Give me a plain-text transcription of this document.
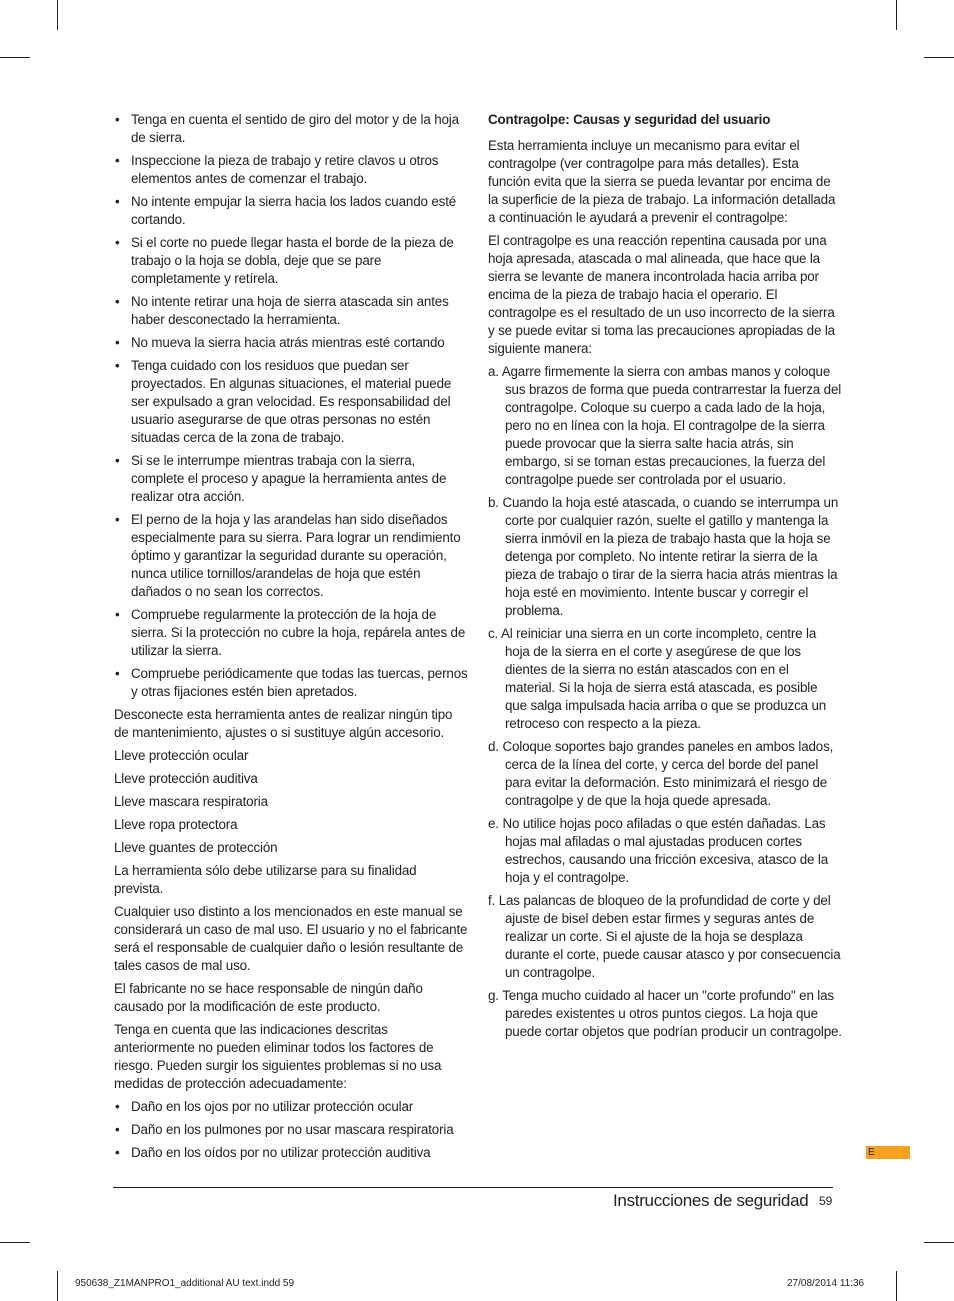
• Tenga en cuenta el sentido de giro del motor y de la hoja de sierra.
• Inspeccione la pieza de trabajo y retire clavos u otros elementos antes de comenzar el trabajo.
• No intente empujar la sierra hacia los lados cuando esté cortando.
• Si el corte no puede llegar hasta el borde de la pieza de trabajo o la hoja se dobla, deje que se pare completamente y retírela.
• No intente retirar una hoja de sierra atascada sin antes haber desconectado la herramienta.
• No mueva la sierra hacia atrás mientras esté cortando
• Tenga cuidado con los residuos que puedan ser proyectados. En algunas situaciones, el material puede ser expulsado a gran velocidad. Es responsabilidad del usuario asegurarse de que otras personas no estén situadas cerca de la zona de trabajo.
• Si se le interrumpe mientras trabaja con la sierra, complete el proceso y apague la herramienta antes de realizar otra acción.
• El perno de la hoja y las arandelas han sido diseñados especialmente para su sierra. Para lograr un rendimiento óptimo y garantizar la seguridad durante su operación, nunca utilice tornillos/arandelas de hoja que estén dañados o no sean los correctos.
• Compruebe regularmente la protección de la hoja de sierra. Si la protección no cubre la hoja, repárela antes de utilizar la sierra.
• Compruebe periódicamente que todas las tuercas, pernos y otras fijaciones estén bien apretados.

Desconecte esta herramienta antes de realizar ningún tipo de mantenimiento, ajustes o si sustituye algún accesorio.

Lleve protección ocular

Lleve protección auditiva

Lleve mascara respiratoria

Lleve ropa protectora

Lleve guantes de protección

La herramienta sólo debe utilizarse para su finalidad prevista.

Cualquier uso distinto a los mencionados en este manual se considerará un caso de mal uso. El usuario y no el fabricante será el responsable de cualquier daño o lesión resultante de tales casos de mal uso.

El fabricante no se hace responsable de ningún daño causado por la modificación de este producto.

Tenga en cuenta que las indicaciones descritas anteriormente no pueden eliminar todos los factores de riesgo. Pueden surgir los siguientes problemas si no usa medidas de protección adecuadamente:

• Daño en los ojos por no utilizar protección ocular
• Daño en los pulmones por no usar mascara respiratoria
• Daño en los oídos por no utilizar protección auditiva

Contragolpe: Causas y seguridad del usuario

Esta herramienta incluye un mecanismo para evitar el contragolpe (ver contragolpe para más detalles). Esta función evita que la sierra se pueda levantar por encima de la superficie de la pieza de trabajo. La información detallada a continuación le ayudará a prevenir el contragolpe:

El contragolpe es una reacción repentina causada por una hoja apresada, atascada o mal alineada, que hace que la sierra se levante de manera incontrolada hacia arriba por encima de la pieza de trabajo hacia el operario. El contragolpe es el resultado de un uso incorrecto de la sierra y se puede evitar si toma las precauciones apropiadas de la siguiente manera:

a. Agarre firmemente la sierra con ambas manos y coloque sus brazos de forma que pueda contrarrestar la fuerza del contragolpe. Coloque su cuerpo a cada lado de la hoja, pero no en línea con la hoja. El contragolpe de la sierra puede provocar que la sierra salte hacia atrás, sin embargo, si se toman estas precauciones, la fuerza del contragolpe puede ser controlada por el usuario.
b. Cuando la hoja esté atascada, o cuando se interrumpa un corte por cualquier razón, suelte el gatillo y mantenga la sierra inmóvil en la pieza de trabajo hasta que la hoja se detenga por completo. No intente retirar la sierra de la pieza de trabajo o tirar de la sierra hacia atrás mientras la hoja esté en movimiento. Intente buscar y corregir el problema.
c. Al reiniciar una sierra en un corte incompleto, centre la hoja de la sierra en el corte y asegúrese de que los dientes de la sierra no están atascados con en el material. Si la hoja de sierra está atascada, es posible que salga impulsada hacia arriba o que se produzca un retroceso con respecto a la pieza.
d. Coloque soportes bajo grandes paneles en ambos lados, cerca de la línea del corte, y cerca del borde del panel para evitar la deformación. Esto minimizará el riesgo de contragolpe y de que la hoja quede apresada.
e. No utilice hojas poco afiladas o que estén dañadas. Las hojas mal afiladas o mal ajustadas producen cortes estrechos, causando una fricción excesiva, atasco de la hoja y el contragolpe.
f. Las palancas de bloqueo de la profundidad de corte y del ajuste de bisel deben estar firmes y seguras antes de realizar un corte. Si el ajuste de la hoja se desplaza durante el corte, puede causar atasco y por consecuencia un contragolpe.
g. Tenga mucho cuidado al hacer un "corte profundo" en las paredes existentes u otros puntos ciegos. La hoja que puede cortar objetos que podrían producir un contragolpe.
E
Instrucciones de seguridad 59
950638_Z1MANPRO1_additional AU text.indd 59	27/08/2014 11:36
